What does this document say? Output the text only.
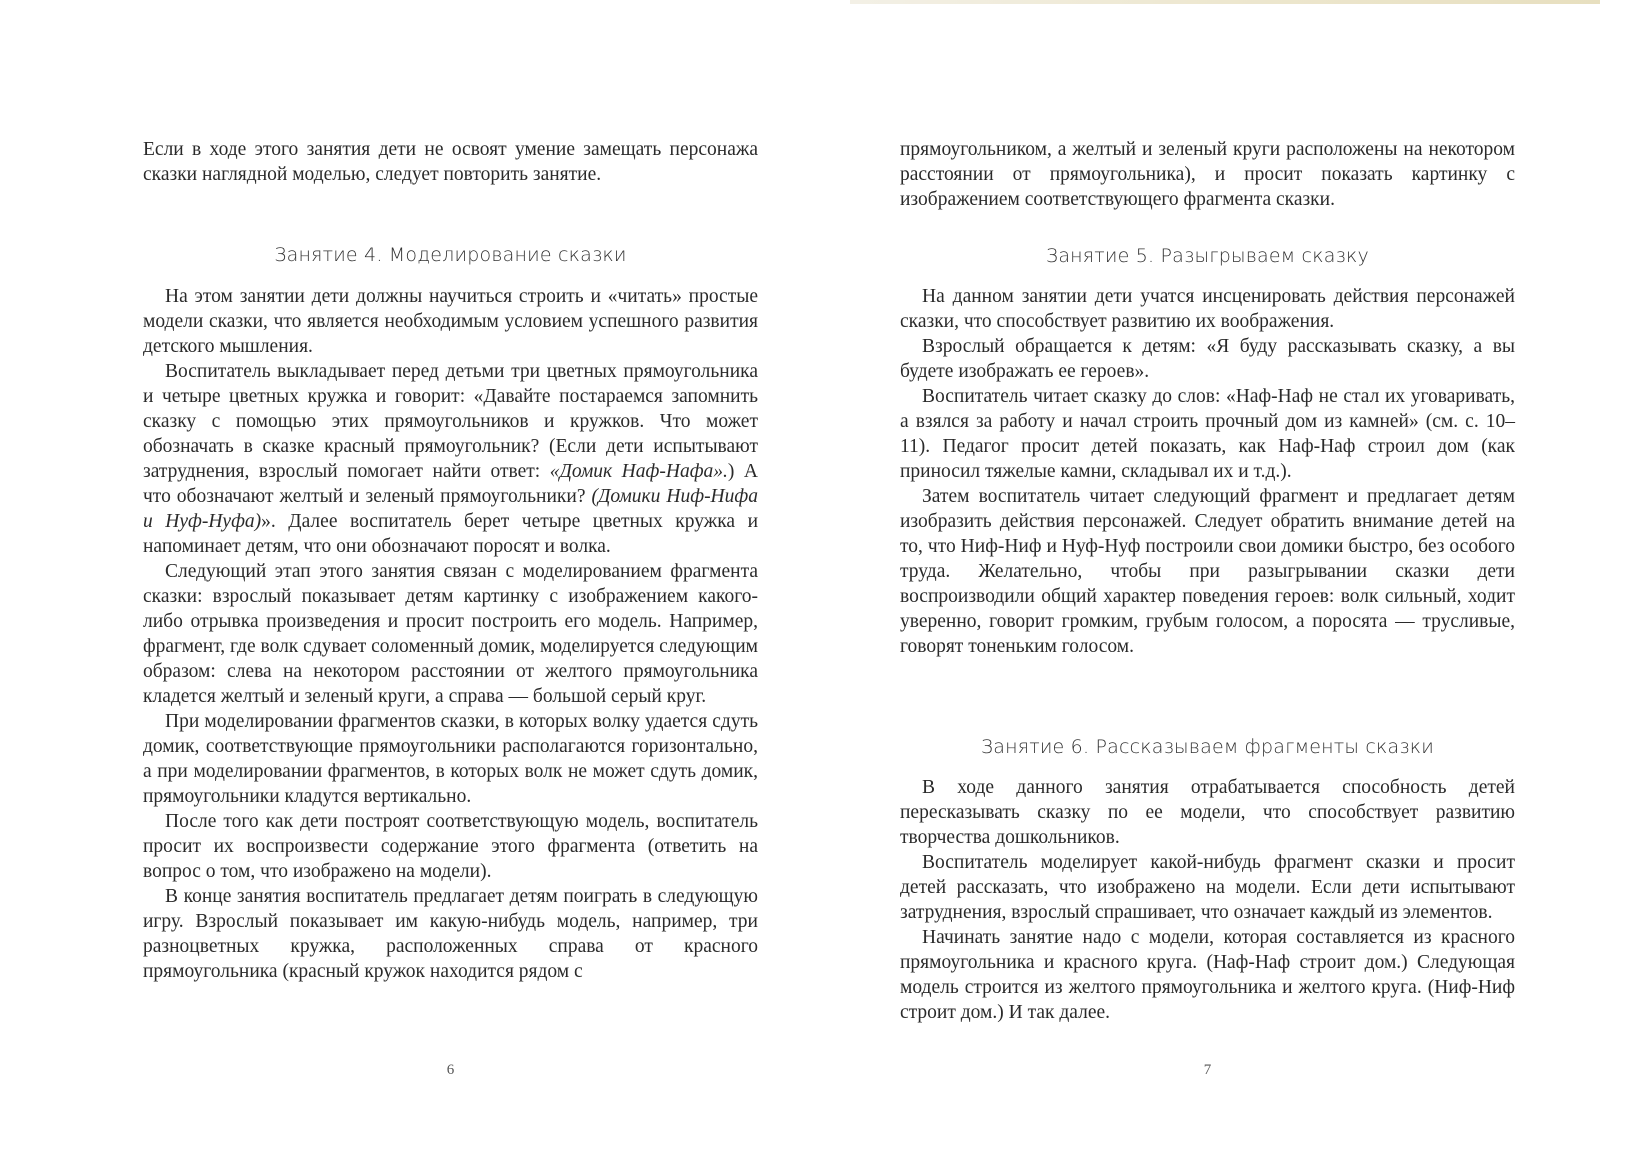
Если в ходе этого занятия дети не освоят умение замещать персонажа сказки наглядной моделью, следует повторить занятие.

Занятие 4. Моделирование сказки

На этом занятии дети должны научиться строить и «читать» простые модели сказки, что является необходимым условием успешного развития детского мышления.

Воспитатель выкладывает перед детьми три цветных прямоугольника и четыре цветных кружка и говорит: «Давайте постараемся запомнить сказку с помощью этих прямоугольников и кружков. Что может обозначать в сказке красный прямоугольник? (Если дети испытывают затруднения, взрослый помогает найти ответ: «Домик Наф-Нафа».) А что обозначают желтый и зеленый прямоугольники? (Домики Ниф-Нифа и Нуф-Нуфа)». Далее воспитатель берет четыре цветных кружка и напоминает детям, что они обозначают поросят и волка.

Следующий этап этого занятия связан с моделированием фрагмента сказки: взрослый показывает детям картинку с изображением какого-либо отрывка произведения и просит построить его модель. Например, фрагмент, где волк сдувает соломенный домик, моделируется следующим образом: слева на некотором расстоянии от желтого прямоугольника кладется желтый и зеленый круги, а справа — большой серый круг.

При моделировании фрагментов сказки, в которых волку удается сдуть домик, соответствующие прямоугольники располагаются горизонтально, а при моделировании фрагментов, в которых волк не может сдуть домик, прямоугольники кладутся вертикально.

После того как дети построят соответствующую модель, воспитатель просит их воспроизвести содержание этого фрагмента (ответить на вопрос о том, что изображено на модели).

В конце занятия воспитатель предлагает детям поиграть в следующую игру. Взрослый показывает им какую-нибудь модель, например, три разноцветных кружка, расположенных справа от красного прямоугольника (красный кружок находится рядом с

6

прямоугольником, а желтый и зеленый круги расположены на некотором расстоянии от прямоугольника), и просит показать картинку с изображением соответствующего фрагмента сказки.

Занятие 5. Разыгрываем сказку

На данном занятии дети учатся инсценировать действия персонажей сказки, что способствует развитию их воображения.

Взрослый обращается к детям: «Я буду рассказывать сказку, а вы будете изображать ее героев».

Воспитатель читает сказку до слов: «Наф-Наф не стал их уговаривать, а взялся за работу и начал строить прочный дом из камней» (см. с. 10–11). Педагог просит детей показать, как Наф-Наф строил дом (как приносил тяжелые камни, складывал их и т.д.).

Затем воспитатель читает следующий фрагмент и предлагает детям изобразить действия персонажей. Следует обратить внимание детей на то, что Ниф-Ниф и Нуф-Нуф построили свои домики быстро, без особого труда. Желательно, чтобы при разыгрывании сказки дети воспроизводили общий характер поведения героев: волк сильный, ходит уверенно, говорит громким, грубым голосом, а поросята — трусливые, говорят тоненьким голосом.

Занятие 6. Рассказываем фрагменты сказки

В ходе данного занятия отрабатывается способность детей пересказывать сказку по ее модели, что способствует развитию творчества дошкольников.

Воспитатель моделирует какой-нибудь фрагмент сказки и просит детей рассказать, что изображено на модели. Если дети испытывают затруднения, взрослый спрашивает, что означает каждый из элементов.

Начинать занятие надо с модели, которая составляется из красного прямоугольника и красного круга. (Наф-Наф строит дом.) Следующая модель строится из желтого прямоугольника и желтого круга. (Ниф-Ниф строит дом.) И так далее.

7
